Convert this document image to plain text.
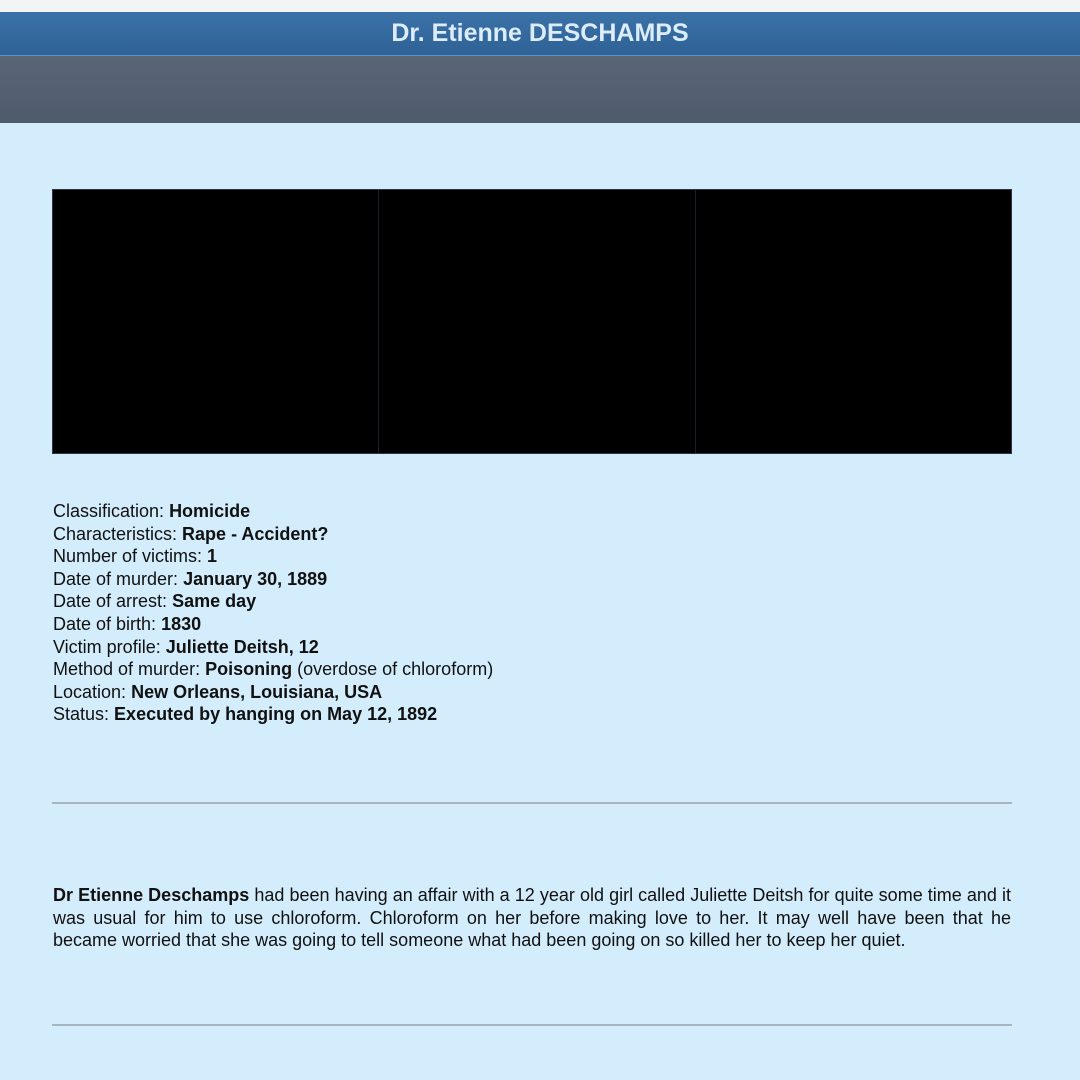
Dr. Etienne DESCHAMPS
Classification: Homicide
Characteristics: Rape - Accident?
Number of victims: 1
Date of murder: January 30, 1889
Date of arrest: Same day
Date of birth: 1830
Victim profile: Juliette Deitsh, 12
Method of murder: Poisoning (overdose of chloroform)
Location: New Orleans, Louisiana, USA
Status: Executed by hanging on May 12, 1892

Dr Etienne Deschamps had been having an affair with a 12 year old girl called Juliette Deitsh for quite some time and it was usual for him to use chloroform. Chloroform on her before making love to her. It may well have been that he became worried that she was going to tell someone what had been going on so killed her to keep her quiet.
